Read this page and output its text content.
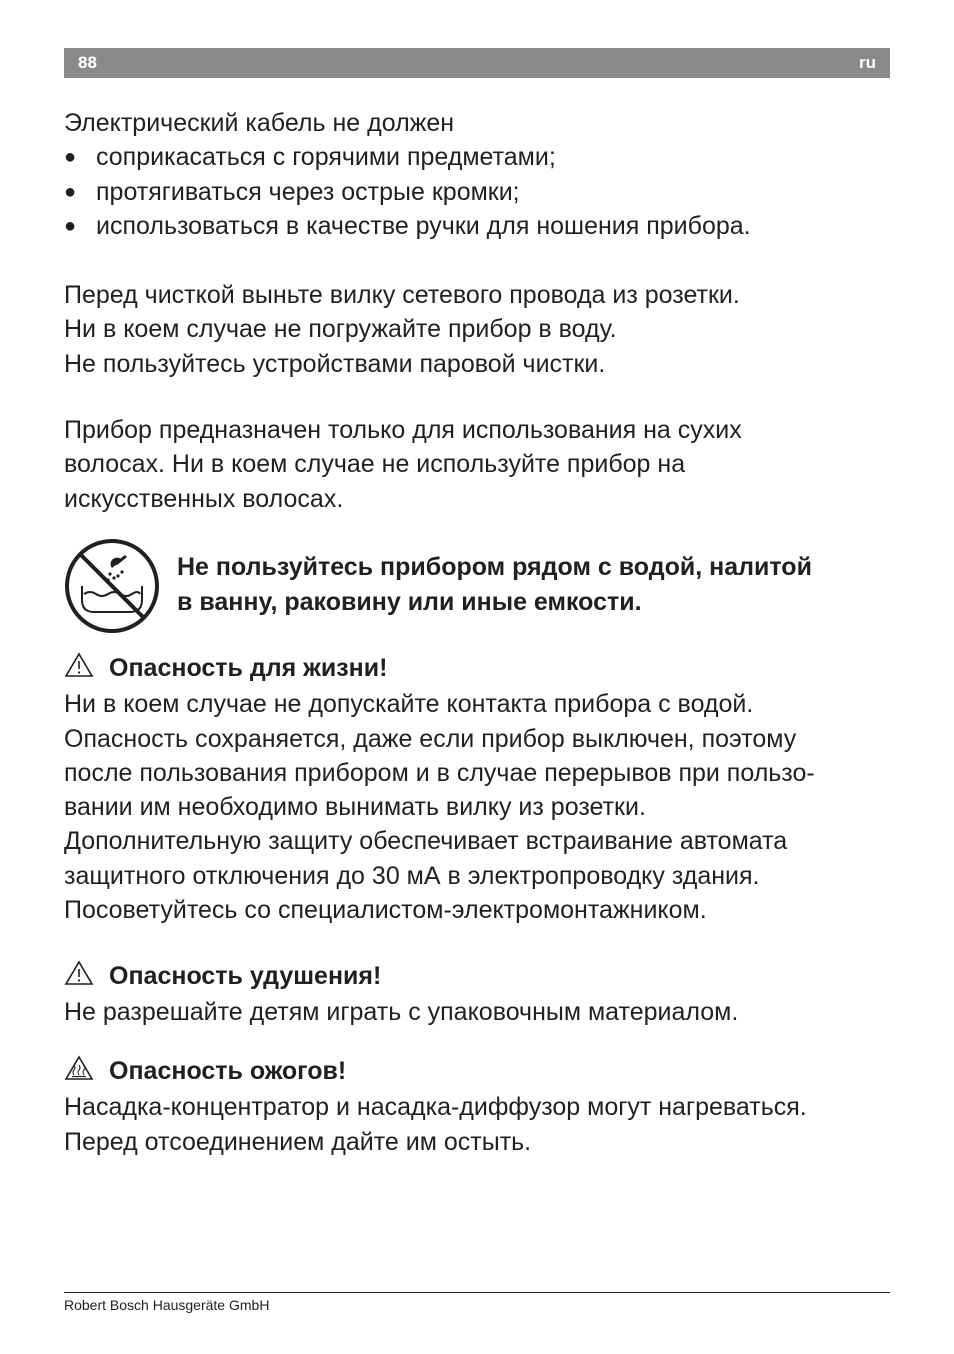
88	ru
Электрический кабель не должен
● соприкасаться с горячими предметами;
● протягиваться через острые кромки;
● использоваться в качестве ручки для ношения прибора.
Перед чисткой выньте вилку сетевого провода из розетки.
Ни в коем случае не погружайте прибор в воду.
Не пользуйтесь устройствами паровой чистки.
Прибор предназначен только для использования на сухих
волосах. Ни в коем случае не используйте прибор на
искусственных волосах.
Не пользуйтесь прибором рядом с водой, налитой
в ванну, раковину или иные емкости.
Опасность для жизни!
Ни в коем случае не допускайте контакта прибора с водой.
Опасность сохраняется, даже если прибор выключен, поэтому
после пользования прибором и в случае перерывов при пользо-
вании им необходимо вынимать вилку из розетки.
Дополнительную защиту обеспечивает встраивание автомата
защитного отключения до 30 мА в электропроводку здания.
Посоветуйтесь со специалистом-электромонтажником.
Опасность удушения!
Не разрешайте детям играть с упаковочным материалом.
Опасность ожогов!
Насадка-концентратор и насадка-диффузор могут нагреваться.
Перед отсоединением дайте им остыть.
Robert Bosch Hausgeräte GmbH
